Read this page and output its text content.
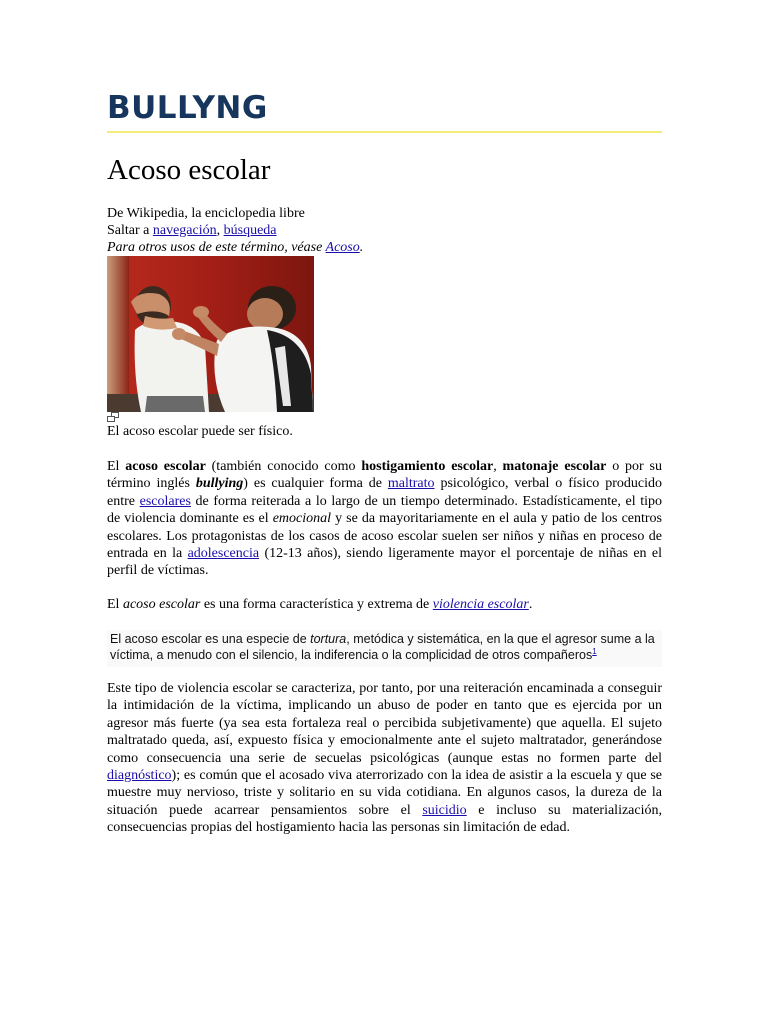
BULLYNG
Acoso escolar
De Wikipedia, la enciclopedia libre
Saltar a navegación, búsqueda
Para otros usos de este término, véase Acoso.
El acoso escolar puede ser físico.

El acoso escolar (también conocido como hostigamiento escolar, matonaje escolar o por su término inglés bullying) es cualquier forma de maltrato psicológico, verbal o físico producido entre escolares de forma reiterada a lo largo de un tiempo determinado. Estadísticamente, el tipo de violencia dominante es el emocional y se da mayoritariamente en el aula y patio de los centros escolares. Los protagonistas de los casos de acoso escolar suelen ser niños y niñas en proceso de entrada en la adolescencia (12-13 años), siendo ligeramente mayor el porcentaje de niñas en el perfil de víctimas.

El acoso escolar es una forma característica y extrema de violencia escolar.

El acoso escolar es una especie de tortura, metódica y sistemática, en la que el agresor sume a la víctima, a menudo con el silencio, la indiferencia o la complicidad de otros compañeros$^1$

Este tipo de violencia escolar se caracteriza, por tanto, por una reiteración encaminada a conseguir la intimidación de la víctima, implicando un abuso de poder en tanto que es ejercida por un agresor más fuerte (ya sea esta fortaleza real o percibida subjetivamente) que aquella. El sujeto maltratado queda, así, expuesto física y emocionalmente ante el sujeto maltratador, generándose como consecuencia una serie de secuelas psicológicas (aunque estas no formen parte del diagnóstico); es común que el acosado viva aterrorizado con la idea de asistir a la escuela y que se muestre muy nervioso, triste y solitario en su vida cotidiana. En algunos casos, la dureza de la situación puede acarrear pensamientos sobre el suicidio e incluso su materialización, consecuencias propias del hostigamiento hacia las personas sin limitación de edad.
